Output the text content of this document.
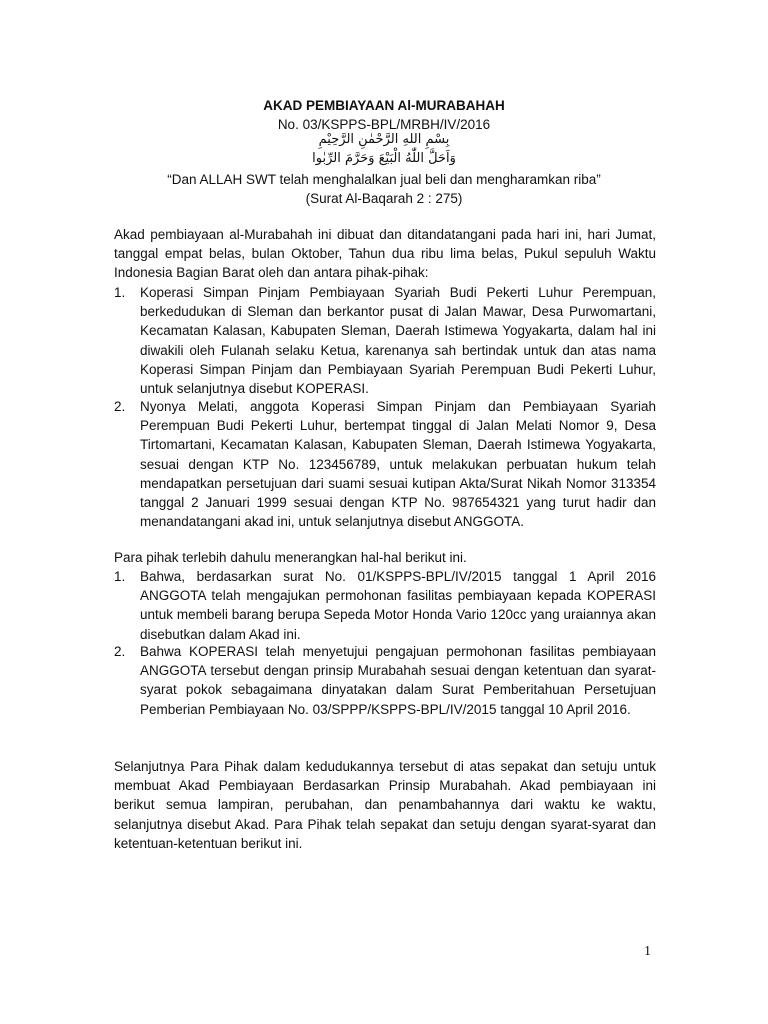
AKAD PEMBIAYAAN Al-MURABAHAH
No. 03/KSPPS-BPL/MRBH/IV/2016
بِسْمِ اللهِ الرَّحْمٰنِ الرَّحِيْمِ
وَاَحَلَّ اللّٰهُ الْبَيْعَ وَحَرَّمَ الرِّبٰوا
“Dan ALLAH SWT telah menghalalkan jual beli dan mengharamkan riba”
(Surat Al-Baqarah 2 : 275)

Akad pembiayaan al-Murabahah ini dibuat dan ditandatangani pada hari ini, hari Jumat, tanggal empat belas, bulan Oktober, Tahun dua ribu lima belas, Pukul sepuluh Waktu Indonesia Bagian Barat oleh dan antara pihak-pihak:

1.	Koperasi Simpan Pinjam Pembiayaan Syariah Budi Pekerti Luhur Perempuan, berkedudukan di Sleman dan berkantor pusat di Jalan Mawar, Desa Purwomartani, Kecamatan Kalasan, Kabupaten Sleman, Daerah Istimewa Yogyakarta, dalam hal ini diwakili oleh Fulanah selaku Ketua, karenanya sah bertindak untuk dan atas nama Koperasi Simpan Pinjam dan Pembiayaan Syariah Perempuan Budi Pekerti Luhur, untuk selanjutnya disebut KOPERASI.
2.	Nyonya Melati, anggota Koperasi Simpan Pinjam dan Pembiayaan Syariah Perempuan Budi Pekerti Luhur, bertempat tinggal di Jalan Melati Nomor 9, Desa Tirtomartani, Kecamatan Kalasan, Kabupaten Sleman, Daerah Istimewa Yogyakarta, sesuai dengan KTP No. 123456789, untuk melakukan perbuatan hukum telah mendapatkan persetujuan dari suami sesuai kutipan Akta/Surat Nikah Nomor 313354 tanggal 2 Januari 1999 sesuai dengan KTP No. 987654321 yang turut hadir dan menandatangani akad ini, untuk selanjutnya disebut ANGGOTA.

Para pihak terlebih dahulu menerangkan hal-hal berikut ini.

1.	Bahwa, berdasarkan surat No. 01/KSPPS-BPL/IV/2015 tanggal 1 April 2016 ANGGOTA telah mengajukan permohonan fasilitas pembiayaan kepada KOPERASI untuk membeli barang berupa Sepeda Motor Honda Vario 120cc yang uraiannya akan disebutkan dalam Akad ini.
2.	Bahwa KOPERASI telah menyetujui pengajuan permohonan fasilitas pembiayaan ANGGOTA tersebut dengan prinsip Murabahah sesuai dengan ketentuan dan syarat-syarat pokok sebagaimana dinyatakan dalam Surat Pemberitahuan Persetujuan Pemberian Pembiayaan No. 03/SPPP/KSPPS-BPL/IV/2015 tanggal 10 April 2016.

Selanjutnya Para Pihak dalam kedudukannya tersebut di atas sepakat dan setuju untuk membuat Akad Pembiayaan Berdasarkan Prinsip Murabahah. Akad pembiayaan ini berikut semua lampiran, perubahan, dan penambahannya dari waktu ke waktu, selanjutnya disebut Akad. Para Pihak telah sepakat dan setuju dengan syarat-syarat dan ketentuan-ketentuan berikut ini.

1
